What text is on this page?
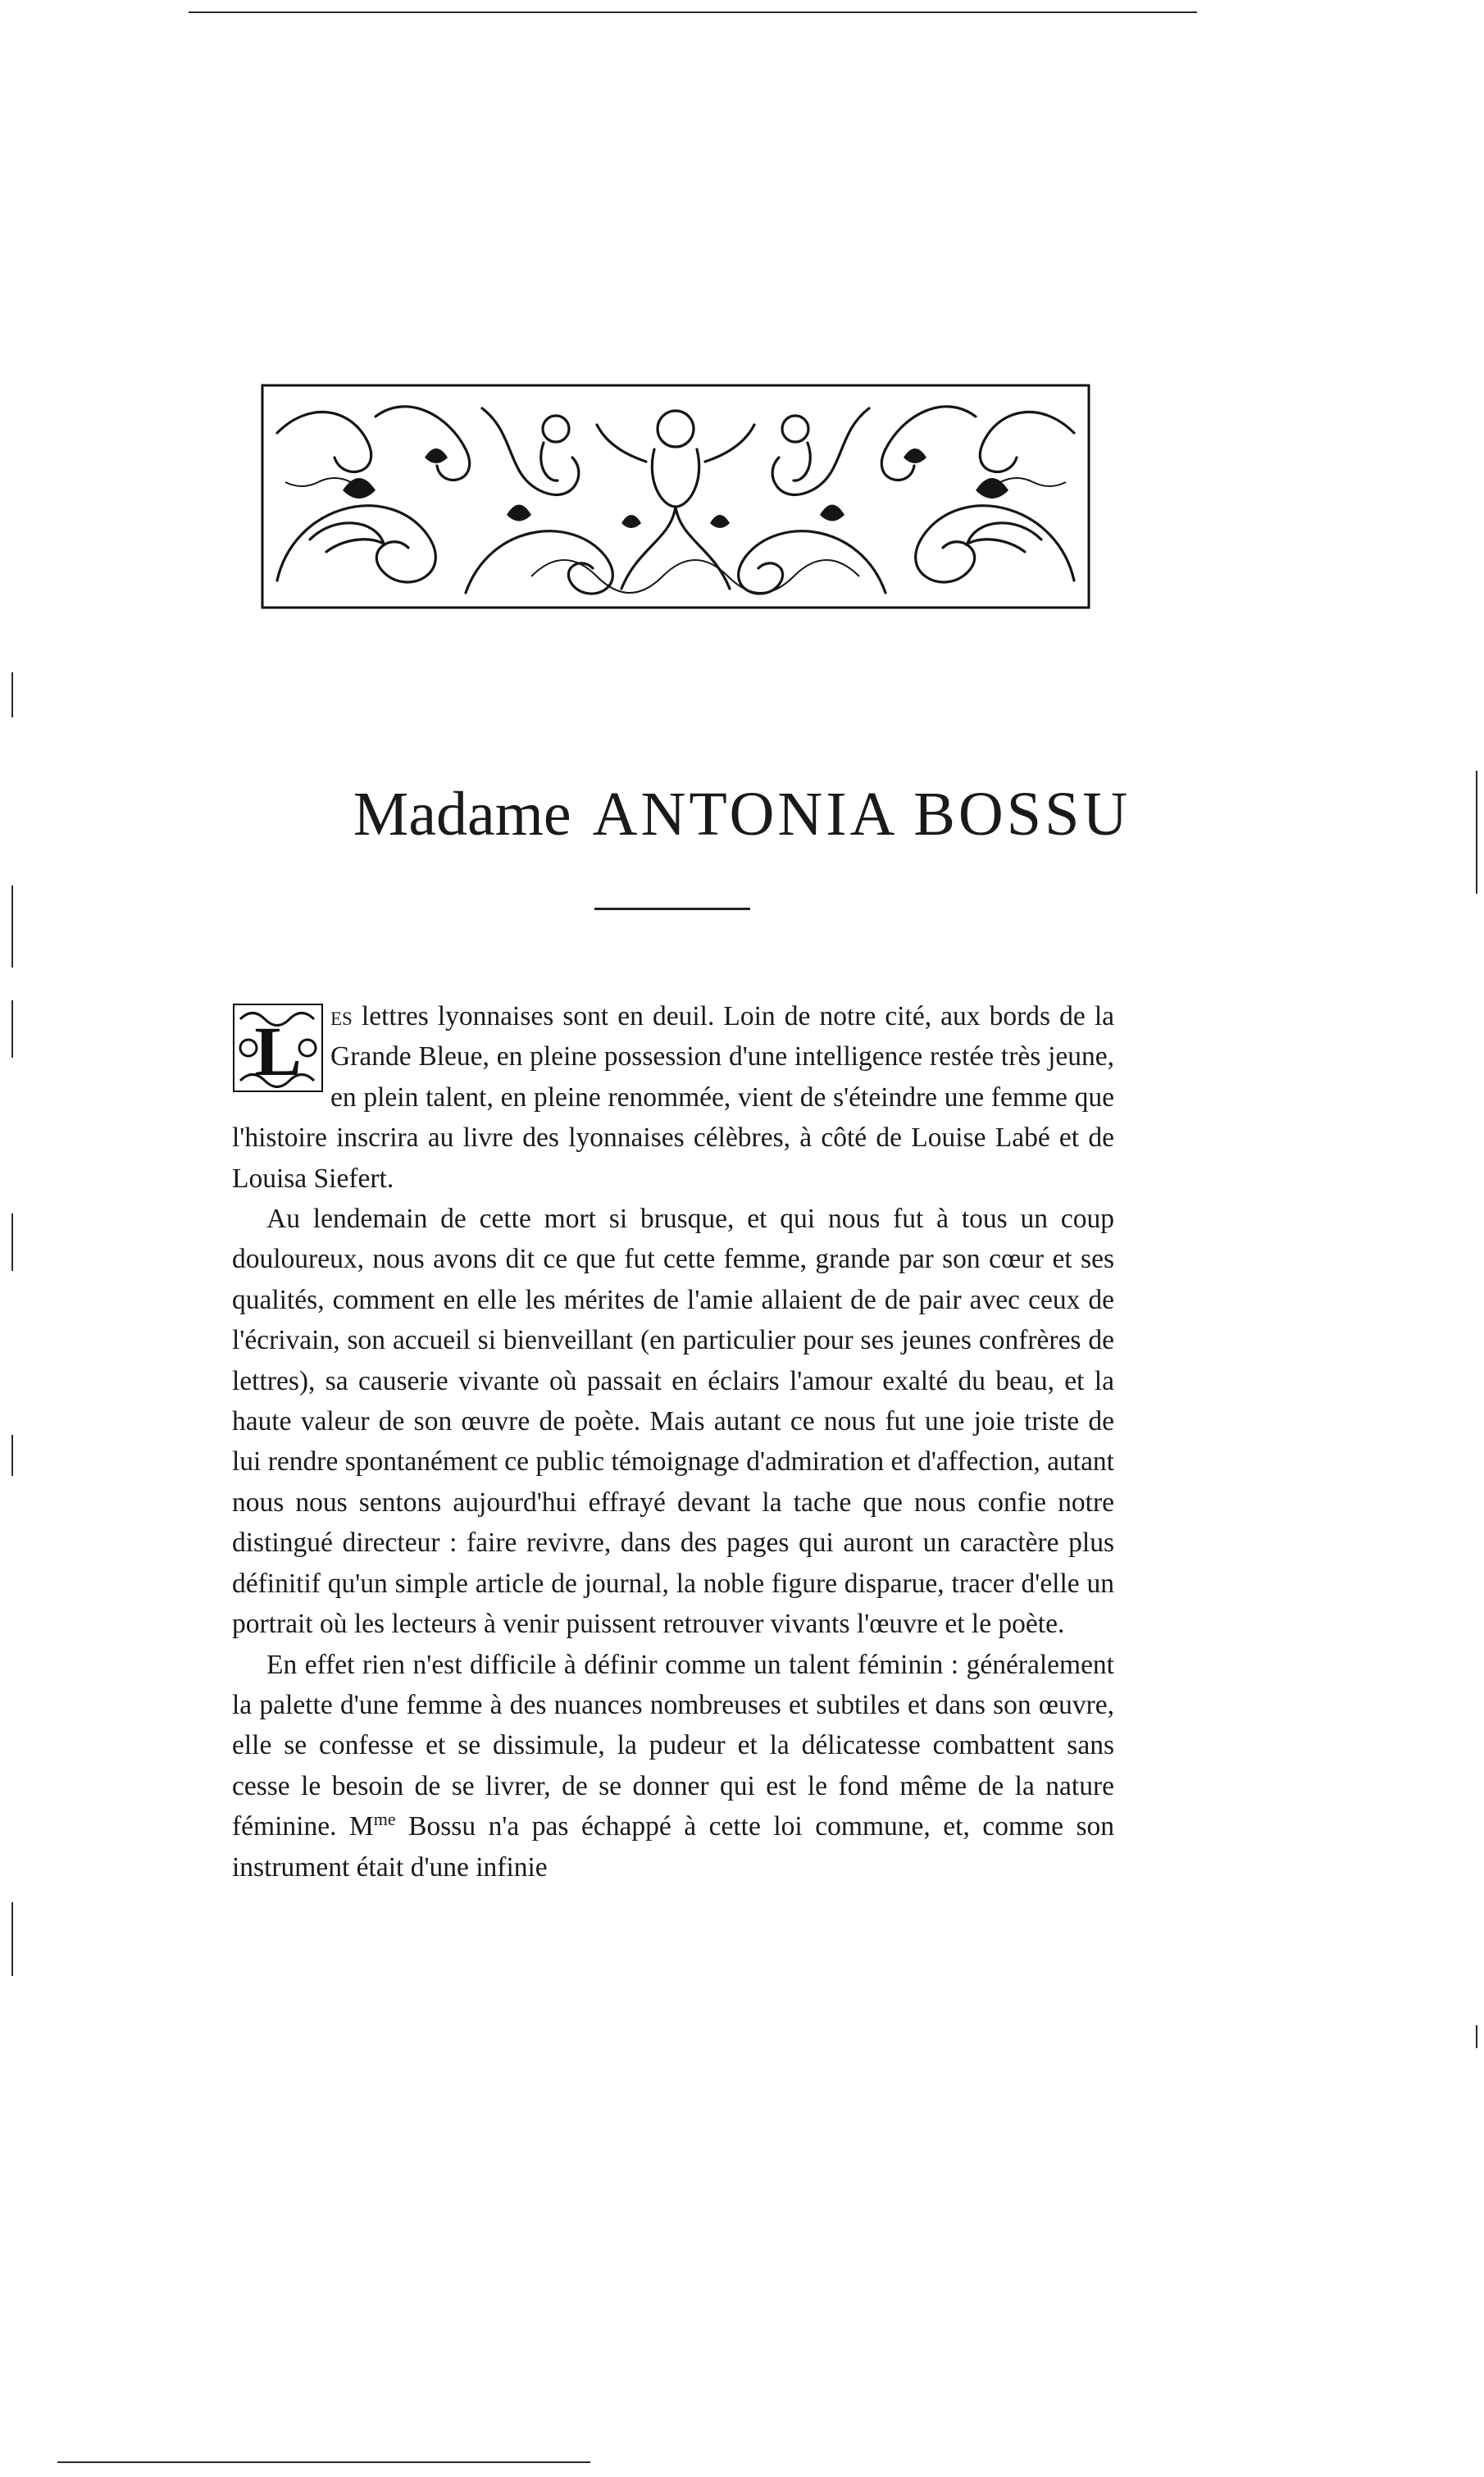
Madame ANTONIA BOSSU

L es lettres lyonnaises sont en deuil. Loin de notre cité, aux bords de la Grande Bleue, en pleine possession d'une intelligence restée très jeune, en plein talent, en pleine renommée, vient de s'éteindre une femme que l'histoire inscrira au livre des lyonnaises célèbres, à côté de Louise Labé et de Louisa Siefert.

Au lendemain de cette mort si brusque, et qui nous fut à tous un coup douloureux, nous avons dit ce que fut cette femme, grande par son cœur et ses qualités, comment en elle les mérites de l'amie allaient de de pair avec ceux de l'écrivain, son accueil si bienveillant (en particulier pour ses jeunes confrères de lettres), sa causerie vivante où passait en éclairs l'amour exalté du beau, et la haute valeur de son œuvre de poète. Mais autant ce nous fut une joie triste de lui rendre spontanément ce public témoignage d'admiration et d'affection, autant nous nous sentons aujourd'hui effrayé devant la tache que nous confie notre distingué directeur : faire revivre, dans des pages qui auront un caractère plus définitif qu'un simple article de journal, la noble figure disparue, tracer d'elle un portrait où les lecteurs à venir puissent retrouver vivants l'œuvre et le poète.

En effet rien n'est difficile à définir comme un talent féminin : généralement la palette d'une femme à des nuances nombreuses et subtiles et dans son œuvre, elle se confesse et se dissimule, la pudeur et la délicatesse combattent sans cesse le besoin de se livrer, de se donner qui est le fond même de la nature féminine. $M^{me}$ Bossu n'a pas échappé à cette loi commune, et, comme son instrument était d'une infinie
